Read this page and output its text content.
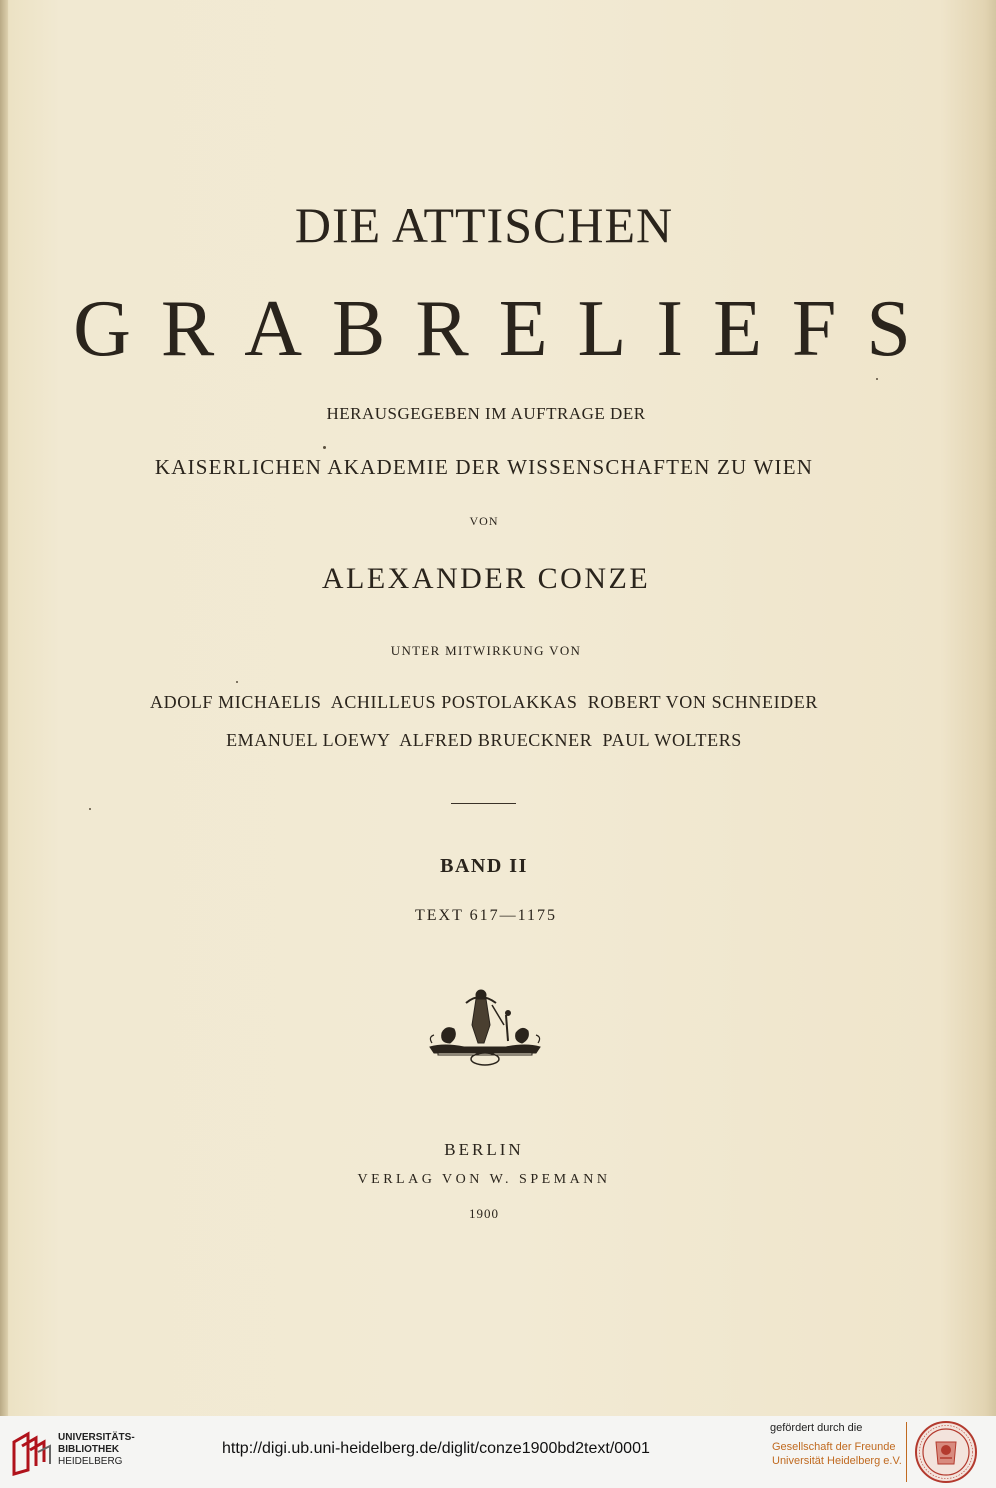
DIE ATTISCHEN
GRABRELIEFS
HERAUSGEGEBEN IM AUFTRAGE DER
KAISERLICHEN AKADEMIE DER WISSENSCHAFTEN ZU WIEN
VON
ALEXANDER CONZE
UNTER MITWIRKUNG VON
ADOLF MICHAELIS  ACHILLEUS POSTOLAKKAS  ROBERT VON SCHNEIDER
EMANUEL LOEWY  ALFRED BRUECKNER  PAUL WOLTERS
BAND II
TEXT 617—1175
BERLIN
VERLAG VON W. SPEMANN
1900
UNIVERSITÄTS-
BIBLIOTHEK
HEIDELBERG
http://digi.ub.uni-heidelberg.de/diglit/conze1900bd2text/0001
gefördert durch die
Gesellschaft der Freunde
Universität Heidelberg e.V.
